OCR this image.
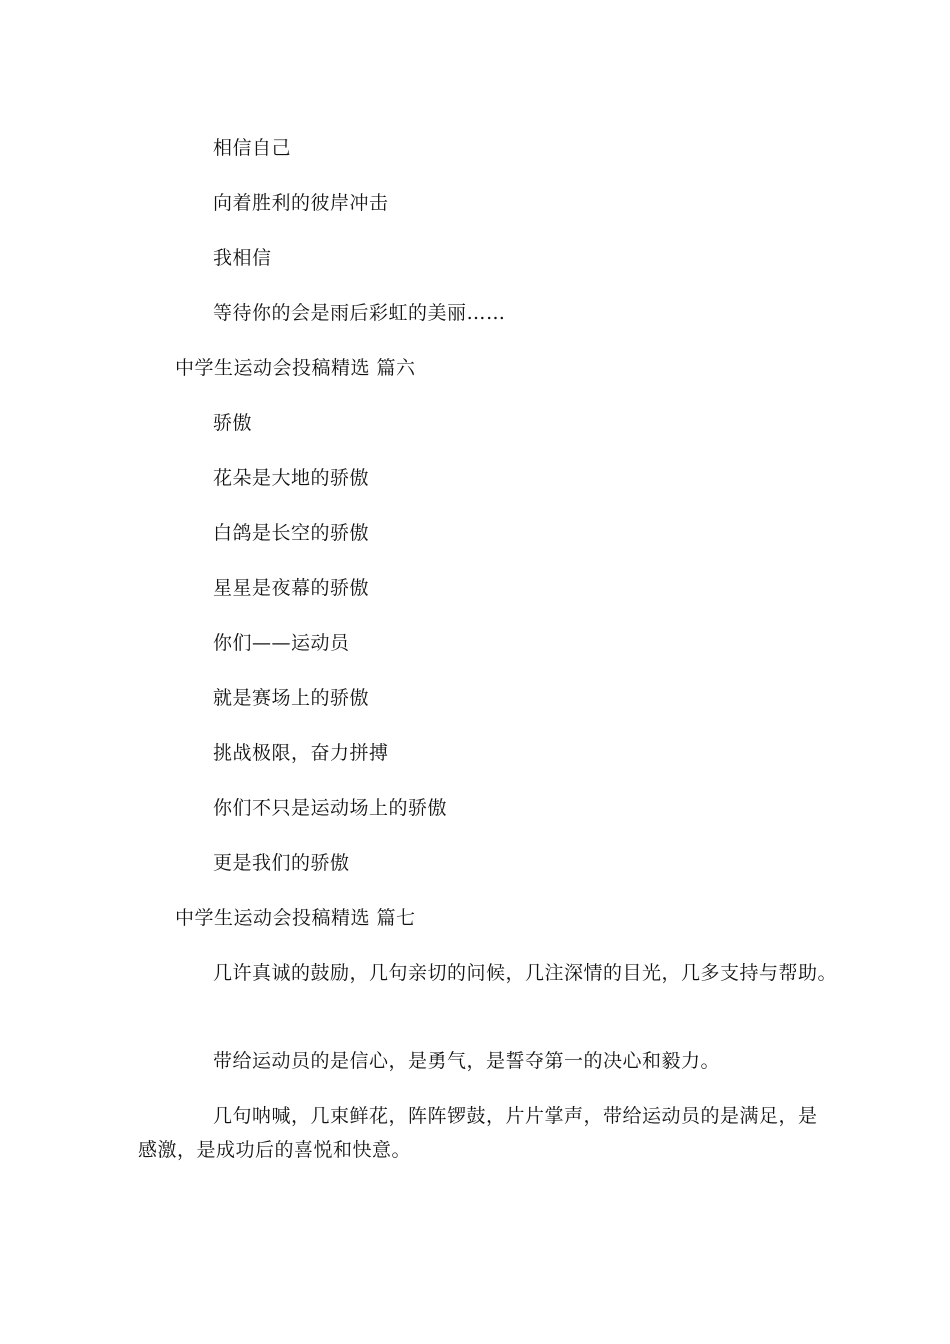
相信自己
向着胜利的彼岸冲击
我相信
等待你的会是雨后彩虹的美丽……
中学生运动会投稿精选 篇六
骄傲
花朵是大地的骄傲
白鸽是长空的骄傲
星星是夜幕的骄傲
你们——运动员
就是赛场上的骄傲
挑战极限，奋力拼搏
你们不只是运动场上的骄傲
更是我们的骄傲
中学生运动会投稿精选 篇七
几许真诚的鼓励，几句亲切的问候，几注深情的目光，几多支持与帮助。
带给运动员的是信心，是勇气，是誓夺第一的决心和毅力。
几句呐喊，几束鲜花，阵阵锣鼓，片片掌声，带给运动员的是满足，是
感激，是成功后的喜悦和快意。
